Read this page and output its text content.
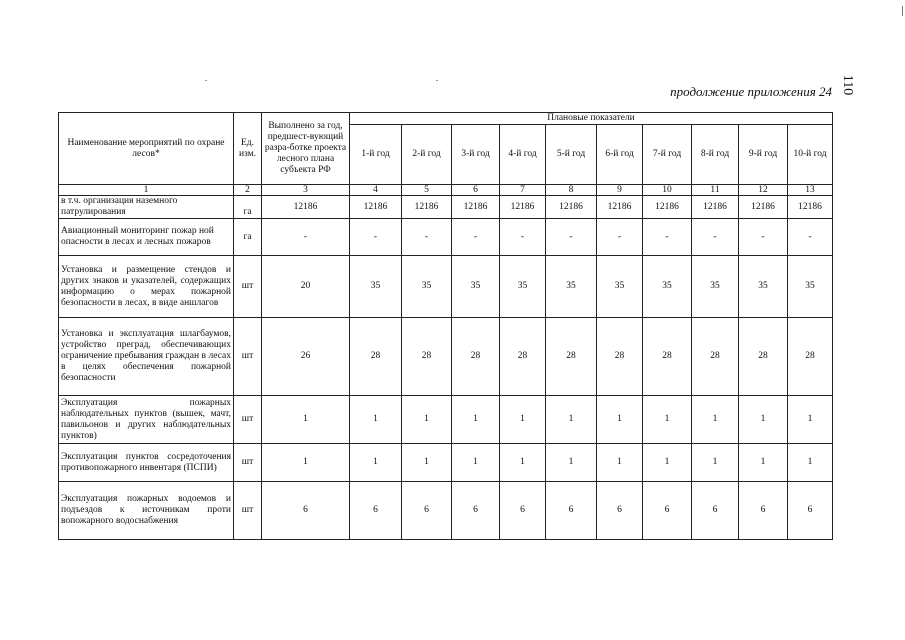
110
продолжение приложения 24
Наименование мероприятий по охране лесов*	Ед. изм.	Выполнено за год, предшест-вующий разра-ботке проекта лесного плана субъекта РФ	Плановые показатели									
			1-й год	2-й год	3-й год	4-й год	5-й год	6-й год	7-й год	8-й год	9-й год	10-й год
1	2	3	4	5	6	7	8	9	10	11	12	13
в т.ч. организация наземного патрулирования	га	12186	12186	12186	12186	12186	12186	12186	12186	12186	12186	12186
Авиационный мониторинг пожар ной опасности в лесах и лесных пожаров	га	-	-	-	-	-	-	-	-	-	-	-
Установка и размещение стендов и других знаков и указателей, содержащих информацию о мерах пожарной безопасности в лесах, в виде аншлагов	шт	20	35	35	35	35	35	35	35	35	35	35
Установка и эксплуатация шлагбаумов, устройство преград, обеспечивающих ограничение пребывания граждан в лесах в целях обеспечения пожарной безопасности	шт	26	28	28	28	28	28	28	28	28	28	28
Эксплуатация пожарных наблюдательных пунктов (вышек, мачт, павильонов и других наблюдательных пунктов)	шт	1	1	1	1	1	1	1	1	1	1	1
Эксплуатация пунктов сосредоточения противопожарного инвентаря (ПСПИ)	шт	1	1	1	1	1	1	1	1	1	1	1
Эксплуатация пожарных водоемов и подъездов к источникам проти вопожарного водоснабжения	шт	6	6	6	6	6	6	6	6	6	6	6
